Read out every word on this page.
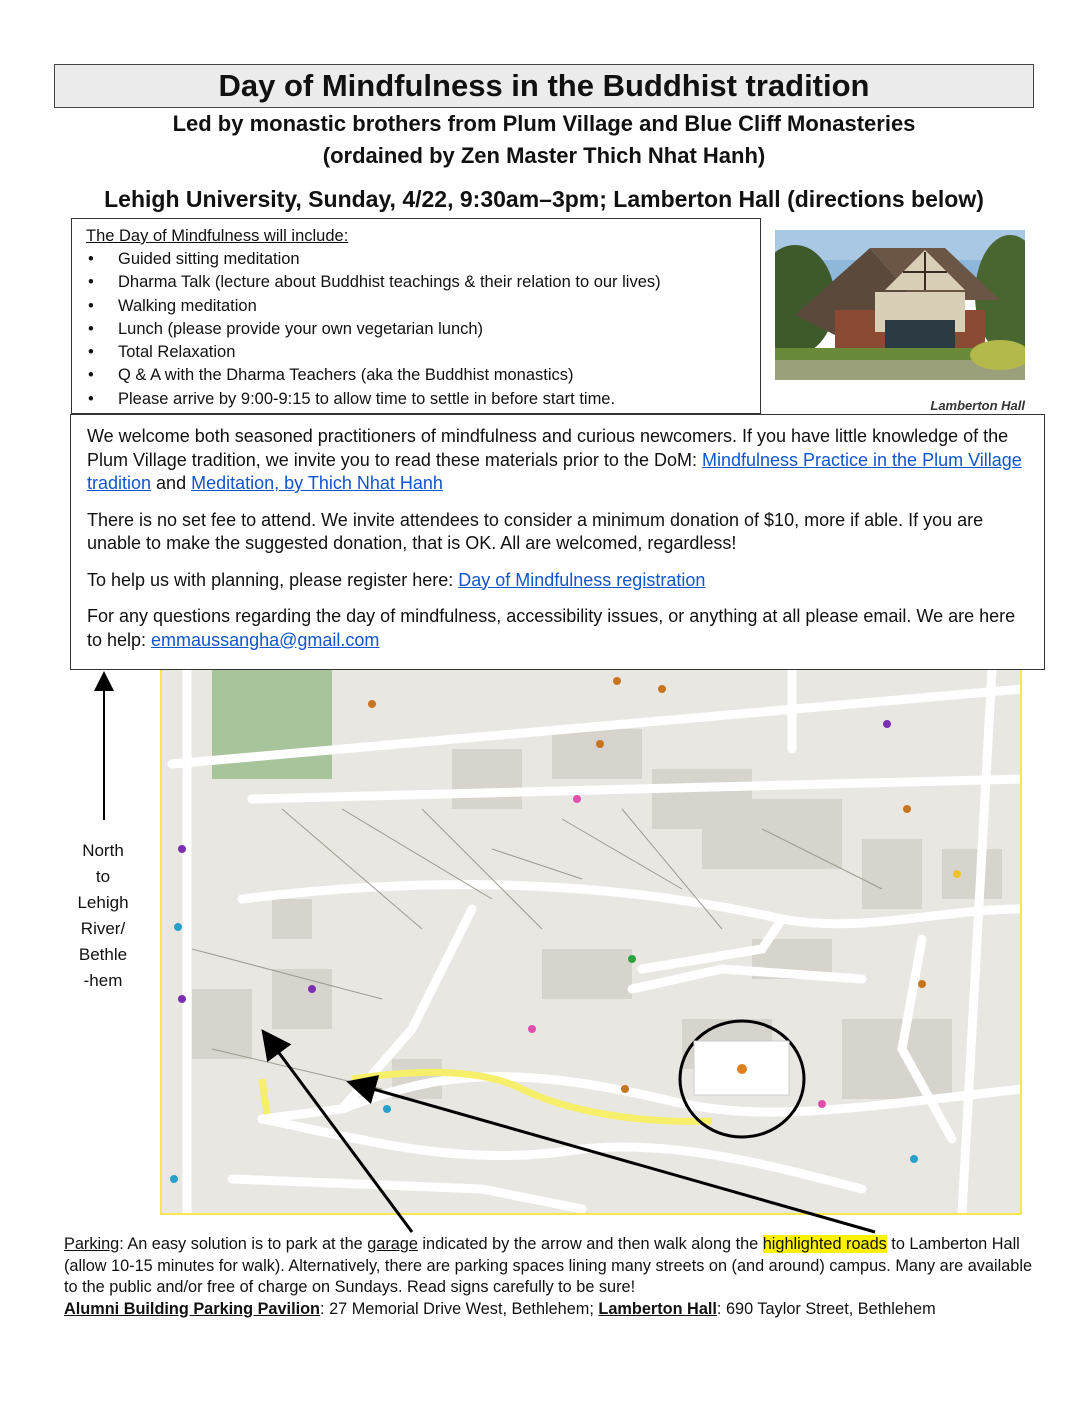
Day of Mindfulness in the Buddhist tradition
Led by monastic brothers from Plum Village and Blue Cliff Monasteries
(ordained by Zen Master Thich Nhat Hanh)
Lehigh University, Sunday, 4/22, 9:30am–3pm; Lamberton Hall (directions below)
The Day of Mindfulness will include:
• Guided sitting meditation
• Dharma Talk (lecture about Buddhist teachings & their relation to our lives)
• Walking meditation
• Lunch (please provide your own vegetarian lunch)
• Total Relaxation
• Q & A with the Dharma Teachers (aka the Buddhist monastics)
• Please arrive by 9:00-9:15 to allow time to settle in before start time.	Lamberton Hall

We welcome both seasoned practitioners of mindfulness and curious newcomers. If you have little knowledge of the Plum Village tradition, we invite you to read these materials prior to the DoM: Mindfulness Practice in the Plum Village tradition and Meditation, by Thich Nhat Hanh

There is no set fee to attend. We invite attendees to consider a minimum donation of $10, more if able. If you are unable to make the suggested donation, that is OK. All are welcomed, regardless!

To help us with planning, please register here: Day of Mindfulness registration

For any questions regarding the day of mindfulness, accessibility issues, or anything at all please email. We are here to help: emmaussangha@gmail.com

North
to
Lehigh
River/
Bethle
-hem
Parking: An easy solution is to park at the garage indicated by the arrow and then walk along the highlighted roads to Lamberton Hall (allow 10-15 minutes for walk). Alternatively, there are parking spaces lining many streets on (and around) campus. Many are available to the public and/or free of charge on Sundays. Read signs carefully to be sure!
Alumni Building Parking Pavilion: 27 Memorial Drive West, Bethlehem; Lamberton Hall: 690 Taylor Street, Bethlehem
